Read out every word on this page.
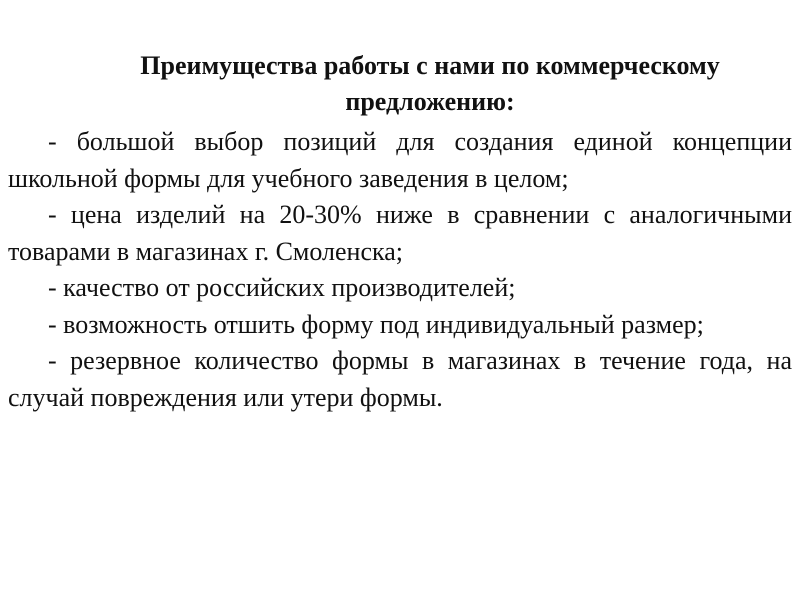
Преимущества работы с нами по коммерческому предложению:

- большой выбор позиций для создания единой концепции школьной формы для учебного заведения в целом;

- цена изделий на 20-30% ниже в сравнении с аналогичными товарами в магазинах г. Смоленска;

- качество от российских производителей;

- возможность отшить форму под индивидуальный размер;

- резервное количество формы в магазинах в течение года, на случай повреждения или утери формы.
